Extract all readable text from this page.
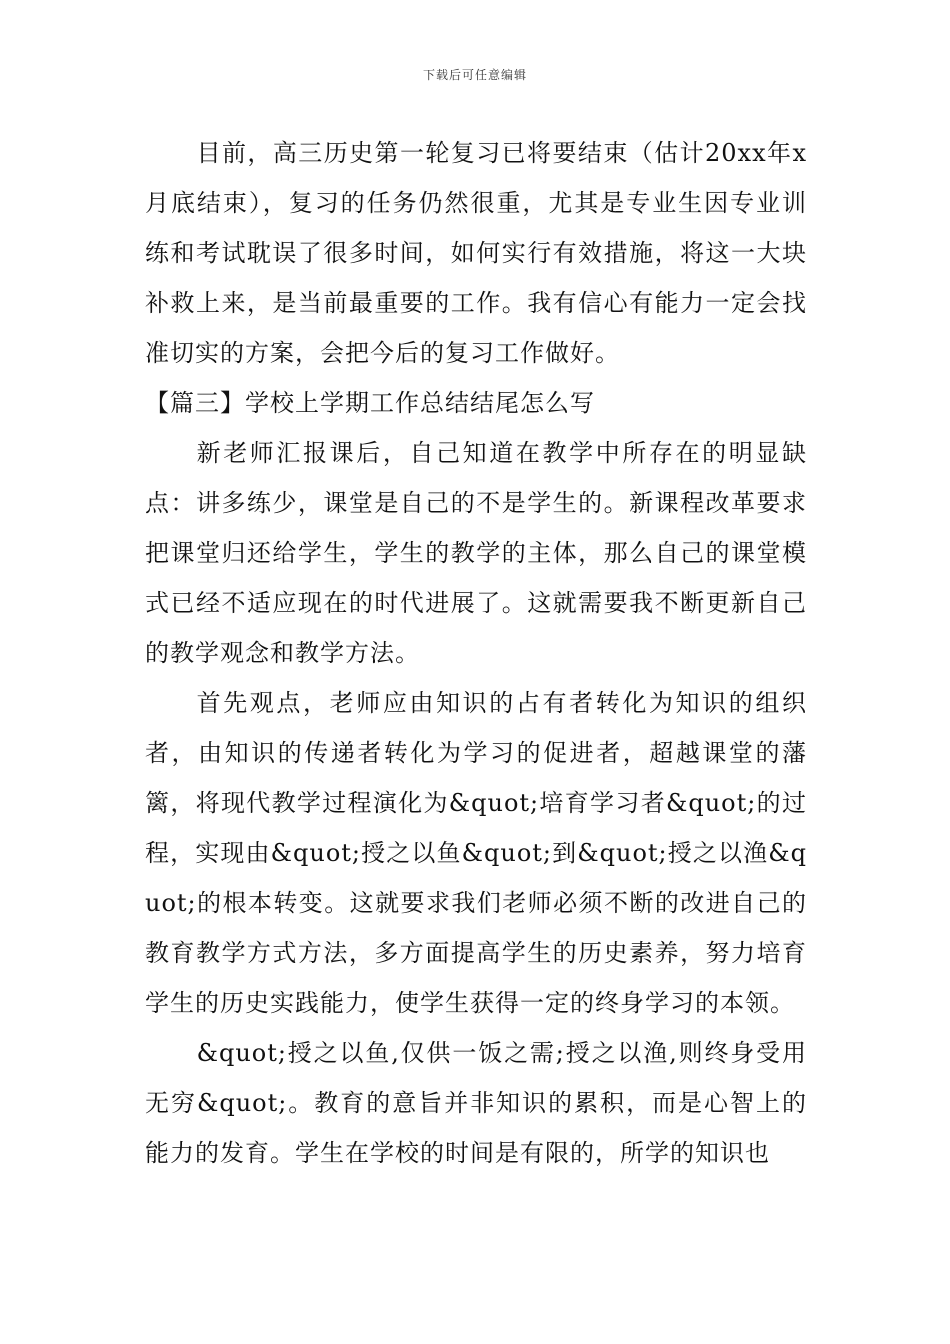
下载后可任意编辑

目前，高三历史第一轮复习已将要结束（估计20xx年x月底结束），复习的任务仍然很重，尤其是专业生因专业训练和考试耽误了很多时间，如何实行有效措施，将这一大块补救上来，是当前最重要的工作。我有信心有能力一定会找准切实的方案，会把今后的复习工作做好。

【篇三】学校上学期工作总结结尾怎么写

新老师汇报课后，自己知道在教学中所存在的明显缺点：讲多练少，课堂是自己的不是学生的。新课程改革要求把课堂归还给学生，学生的教学的主体，那么自己的课堂模式已经不适应现在的时代进展了。这就需要我不断更新自己的教学观念和教学方法。

首先观点，老师应由知识的占有者转化为知识的组织者，由知识的传递者转化为学习的促进者，超越课堂的藩篱，将现代教学过程演化为&quot;培育学习者&quot;的过程，实现由&quot;授之以鱼&quot;到&quot;授之以渔&quot;的根本转变。这就要求我们老师必须不断的改进自己的教育教学方式方法，多方面提高学生的历史素养，努力培育学生的历史实践能力，使学生获得一定的终身学习的本领。

&quot;授之以鱼,仅供一饭之需;授之以渔,则终身受用无穷&quot;。教育的意旨并非知识的累积，而是心智上的能力的发育。学生在学校的时间是有限的，所学的知识也
